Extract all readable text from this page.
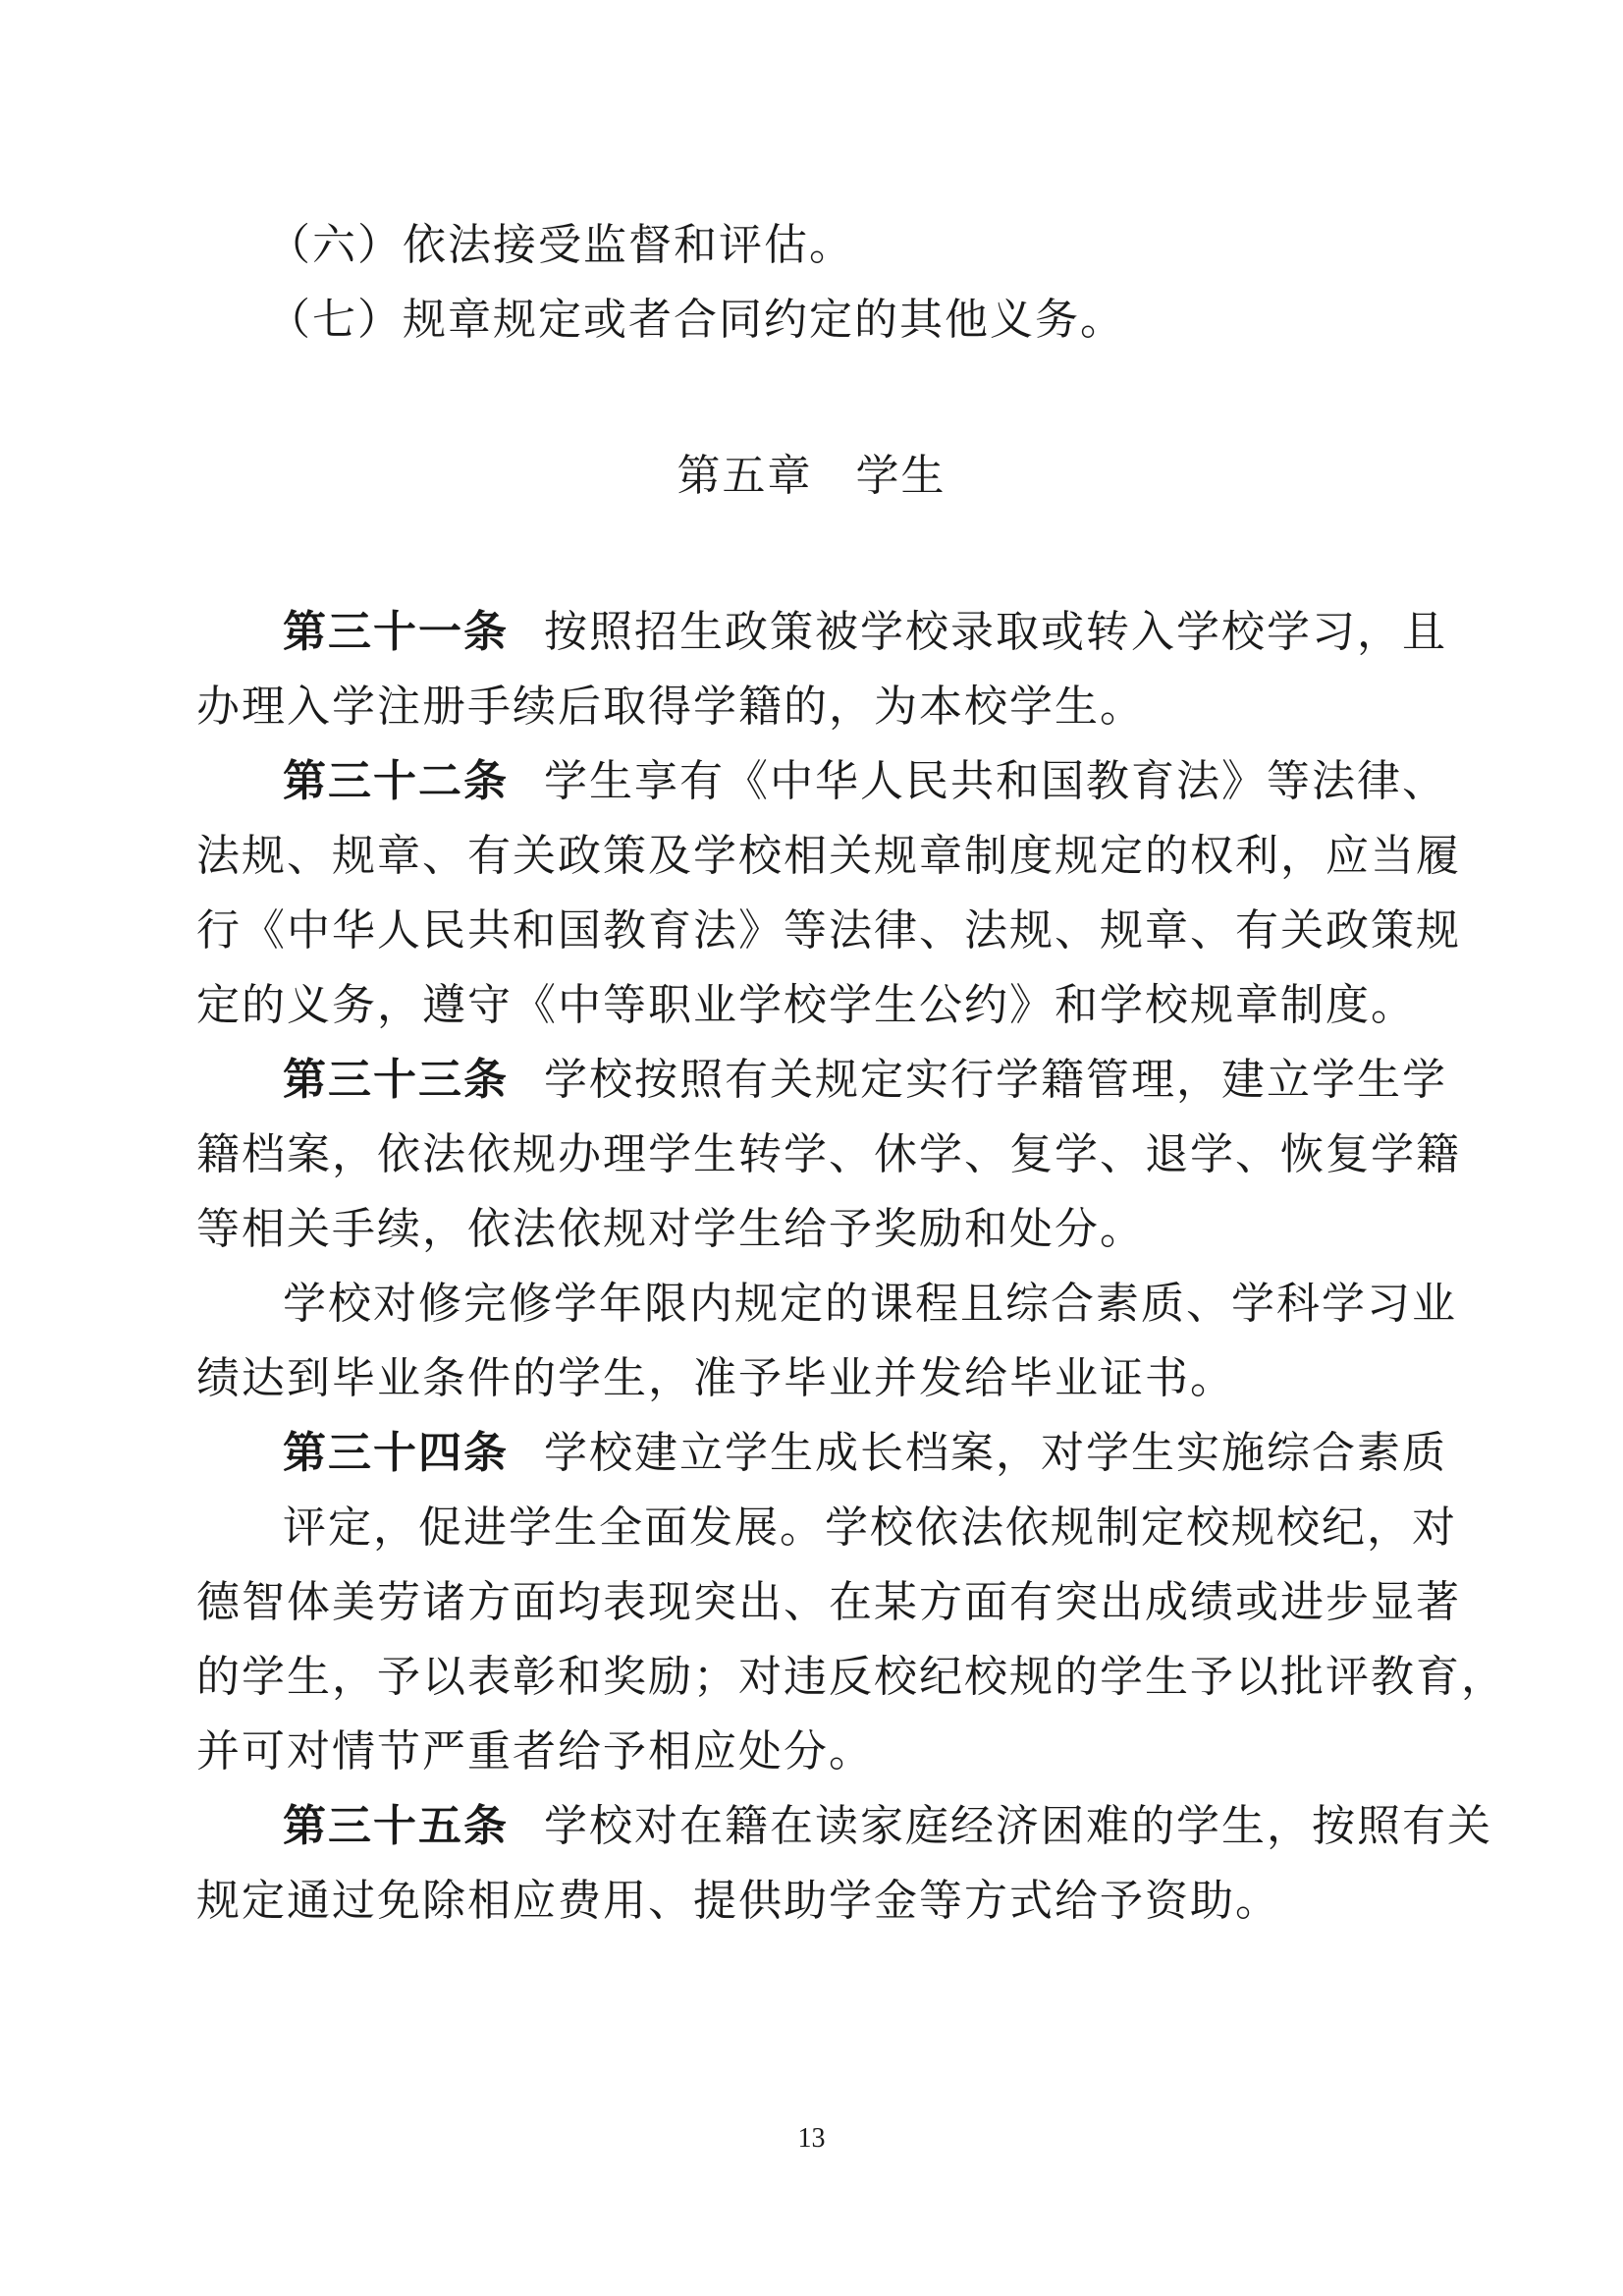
（六）依法接受监督和评估。
（七）规章规定或者合同约定的其他义务。
第五章 学生
第三十一条 按照招生政策被学校录取或转入学校学习，且
办理入学注册手续后取得学籍的，为本校学生。
第三十二条 学生享有《中华人民共和国教育法》等法律、
法规、规章、有关政策及学校相关规章制度规定的权利，应当履
行《中华人民共和国教育法》等法律、法规、规章、有关政策规
定的义务，遵守《中等职业学校学生公约》和学校规章制度。
第三十三条 学校按照有关规定实行学籍管理，建立学生学
籍档案，依法依规办理学生转学、休学、复学、退学、恢复学籍
等相关手续，依法依规对学生给予奖励和处分。
学校对修完修学年限内规定的课程且综合素质、学科学习业
绩达到毕业条件的学生，准予毕业并发给毕业证书。
第三十四条 学校建立学生成长档案，对学生实施综合素质
评定，促进学生全面发展。学校依法依规制定校规校纪，对
德智体美劳诸方面均表现突出、在某方面有突出成绩或进步显著
的学生，予以表彰和奖励；对违反校纪校规的学生予以批评教育，
并可对情节严重者给予相应处分。
第三十五条 学校对在籍在读家庭经济困难的学生，按照有关
规定通过免除相应费用、提供助学金等方式给予资助。
13
